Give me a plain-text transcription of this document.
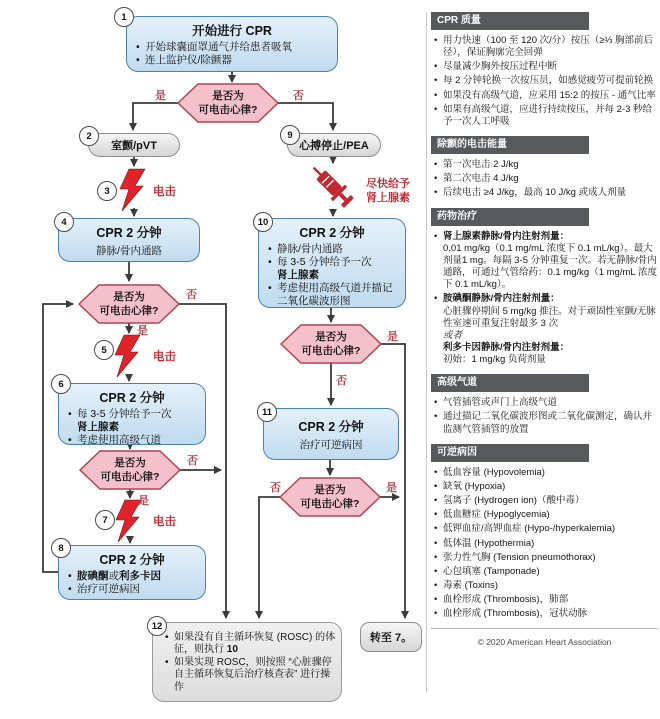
1
2
3
4
5
6
7
8
9
10
11
12
开始进行 CPR
• 开始球囊面罩通气并给患者吸氧
• 连上监护仪/除颤器
是否为
可电击心律?
是否为
可电击心律?
是否为
可电击心律?
是否为
可电击心律?
是否为
可电击心律?
是	否
否
是
否
是
是
否
否	是
电击
电击
电击
尽快给予
肾上腺素
室颤/pVT	心搏停止/PEA
CPR 2 分钟
静脉/骨内通路
CPR 2 分钟
• 每 3-5 分钟给予一次
肾上腺素
• 考虑使用高级气道
CPR 2 分钟
• 胺碘酮或利多卡因
• 治疗可逆病因
CPR 2 分钟
• 静脉/骨内通路
• 每 3-5 分钟给予一次
肾上腺素
• 考虑使用高级气道并描记二氧化碳波形图
CPR 2 分钟
治疗可逆病因
• 如果没有自主循环恢复 (ROSC) 的体征，则执行 10
• 如果实现 ROSC，则按照 “心脏骤停自主循环恢复后治疗核查表” 进行操作
转至 7。
CPR 质量
• 用力快速（100 至 120 次/分）按压（≥⅓ 胸部前后径），保证胸廓完全回弹
• 尽量减少胸外按压过程中断
• 每 2 分钟轮换一次按压员，如感觉疲劳可提前轮换
• 如果没有高级气道，应采用 15:2 的按压 - 通气比率
• 如果有高级气道，应进行持续按压，并每 2-3 秒给予一次人工呼吸
除颤的电击能量
• 第一次电击 2 J/kg
• 第二次电击 4 J/kg
• 后续电击 ≥4 J/kg，最高 10 J/kg 或成人剂量
药物治疗
• 肾上腺素静脉/骨内注射剂量：
0.01 mg/kg（0.1 mg/mL 浓度下 0.1 mL/kg）。最大剂量1 mg。每隔 3-5 分钟重复一次。若无静脉/骨内通路，可通过气管给药：0.1 mg/kg（1 mg/mL 浓度下 0.1 mL/kg）。
• 胺碘酮静脉/骨内注射剂量：
心脏骤停期间 5 mg/kg 推注。对于顽固性室颤/无脉性室速可重复注射最多 3 次
或者
利多卡因静脉/骨内注射剂量：
初始：1 mg/kg 负荷剂量
高级气道
• 气管插管或声门上高级气道
• 通过描记二氧化碳波形图或二氧化碳测定，确认并监测气管插管的放置
可逆病因
• 低血容量 (Hypovolemia)
• 缺氧 (Hypoxia)
• 氢离子 (Hydrogen ion)（酸中毒）
• 低血糖症 (Hypoglycemia)
• 低钾血症/高钾血症 (Hypo-/hyperkalemia)
• 低体温 (Hypothermia)
• 张力性气胸 (Tension pneumothorax)
• 心包填塞 (Tamponade)
• 毒素 (Toxins)
• 血栓形成 (Thrombosis)，肺部
• 血栓形成 (Thrombosis)，冠状动脉
© 2020 American Heart Association
